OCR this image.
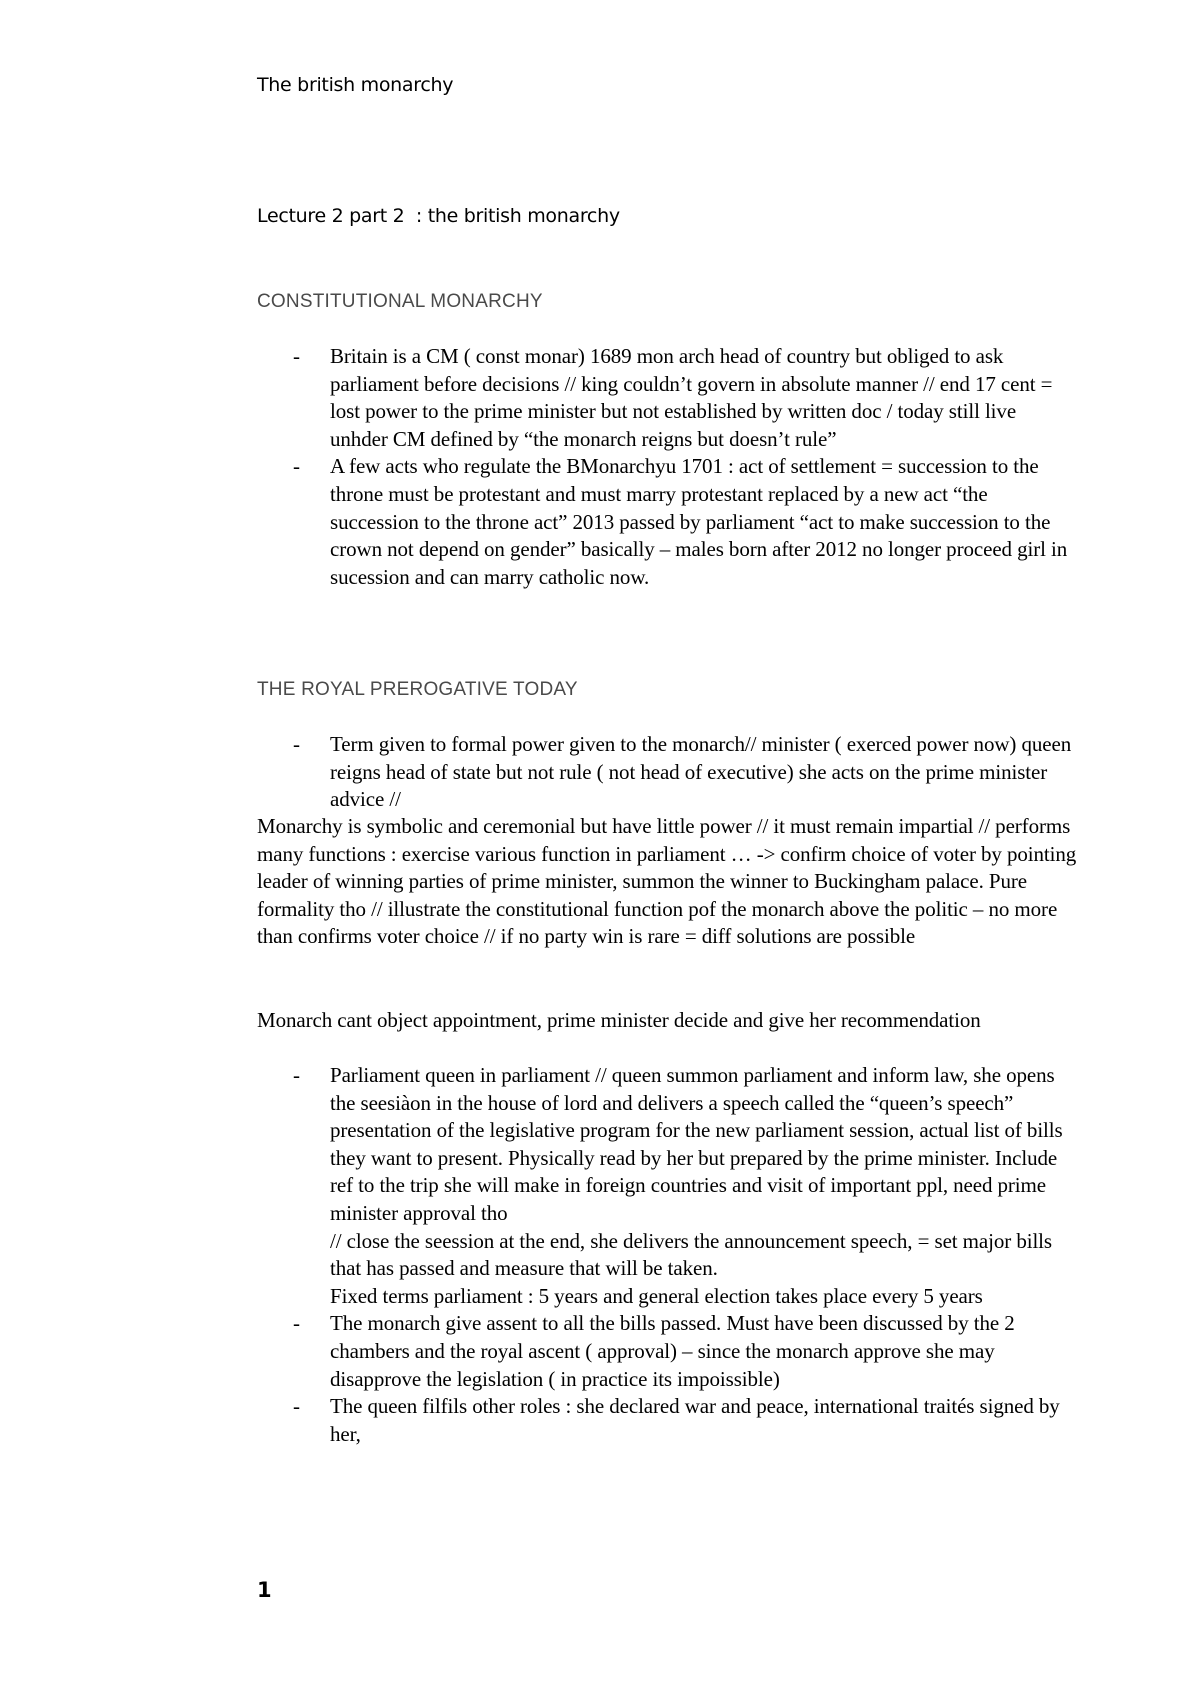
The british monarchy
Lecture 2 part 2  : the british monarchy
CONSTITUTIONAL MONARCHY
- Britain is a CM ( const monar) 1689 mon arch head of country but obliged to ask parliament before decisions // king couldn’t govern in absolute manner // end 17 cent = lost power to the prime minister but not established by written doc / today still live unhder CM defined by “the monarch reigns but doesn’t rule”
- A few acts who regulate the BMonarchyu 1701 : act of settlement = succession to the throne must be protestant and must marry protestant replaced by a new act “the succession to the throne act” 2013 passed by parliament “act to make succession to the crown not depend on gender” basically – males born after 2012 no longer proceed girl in sucession and can marry catholic now.
THE ROYAL PREROGATIVE TODAY
- Term given to formal power given to the monarch// minister ( exerced power now) queen reigns head of state but not rule ( not head of executive) she acts on the prime minister advice //
Monarchy is symbolic and ceremonial but have little power // it must remain impartial // performs many functions : exercise various function in parliament … -> confirm choice of voter by pointing leader of winning parties of prime minister, summon the winner to Buckingham palace. Pure formality tho // illustrate the constitutional function pof the monarch above the politic – no more than confirms voter choice // if no party win is rare = diff solutions are possible
Monarch cant object appointment, prime minister decide and give her recommendation
- Parliament queen in parliament // queen summon parliament and inform law, she opens the seesiàon in the house of lord and delivers a speech called the “queen’s speech” presentation of the legislative program for the new parliament session, actual list of bills they want to present. Physically read by her but prepared by the prime minister. Include ref to the trip she will make in foreign countries and visit of important ppl, need prime minister approval tho
// close the seession at the end, she delivers the announcement speech, = set major bills that has passed and measure that will be taken.
Fixed terms parliament : 5 years and general election takes place every 5 years
- The monarch give assent to all the bills passed. Must have been discussed by the 2 chambers and the royal ascent ( approval) – since the monarch approve she may disapprove the legislation ( in practice its impoissible)
- The queen filfils other roles : she declared war and peace, international traités signed by her,
1
